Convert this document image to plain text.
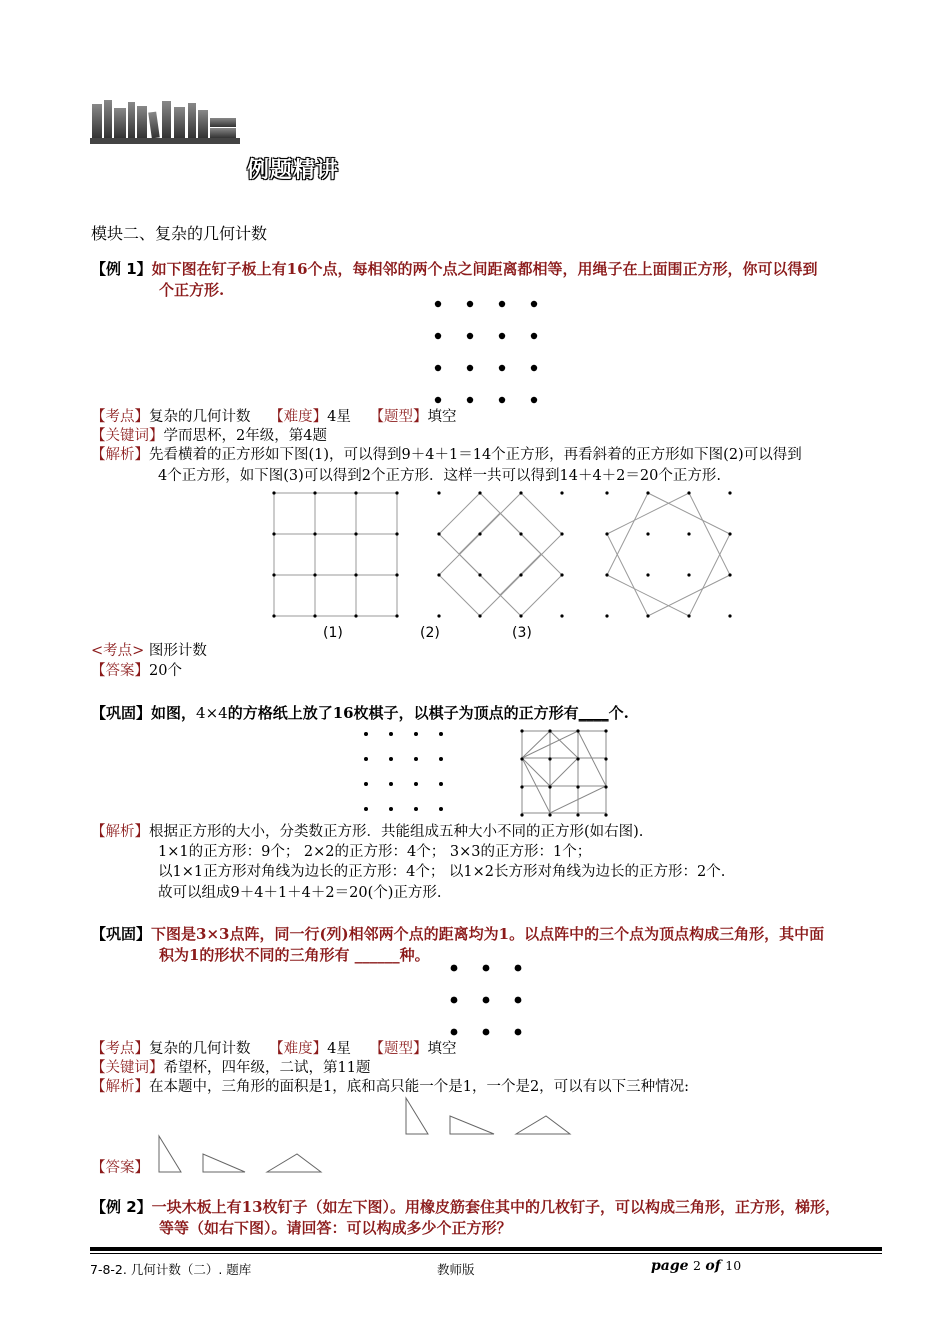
例题精讲
模块二、复杂的几何计数
【例 1】如下图在钉子板上有16个点，每相邻的两个点之间距离都相等，用绳子在上面围正方形，你可以得到
个正方形.
【考点】复杂的几何计数 【难度】4星 【题型】填空
【关键词】学而思杯，2年级，第4题
【解析】先看横着的正方形如下图(1)，可以得到9＋4＋1＝14个正方形，再看斜着的正方形如下图(2)可以得到
4个正方形，如下图(3)可以得到2个正方形．这样一共可以得到14＋4＋2＝20个正方形.
(1)	(2)	(3)
<考点> 图形计数
【答案】20个
【巩固】如图，4×4的方格纸上放了16枚棋子，以棋子为顶点的正方形有____个.
【解析】根据正方形的大小，分类数正方形．共能组成五种大小不同的正方形(如右图).
1×1的正方形：9个； 2×2的正方形：4个； 3×3的正方形：1个；
以1×1正方形对角线为边长的正方形：4个； 以1×2长方形对角线为边长的正方形：2个.
故可以组成9＋4＋1＋4＋2＝20(个)正方形.
【巩固】下图是3×3点阵，同一行(列)相邻两个点的距离均为1。以点阵中的三个点为顶点构成三角形，其中面
积为1的形状不同的三角形有 ______种。
【考点】复杂的几何计数 【难度】4星 【题型】填空
【关键词】希望杯，四年级，二试，第11题
【解析】在本题中，三角形的面积是1，底和高只能一个是1，一个是2，可以有以下三种情况:
【答案】
【例 2】一块木板上有13枚钉子（如左下图）。用橡皮筋套住其中的几枚钉子，可以构成三角形，正方形，梯形，
等等（如右下图）。请回答：可以构成多少个正方形？
7-8-2. 几何计数（二）. 题库	教师版	page 2 of 10
